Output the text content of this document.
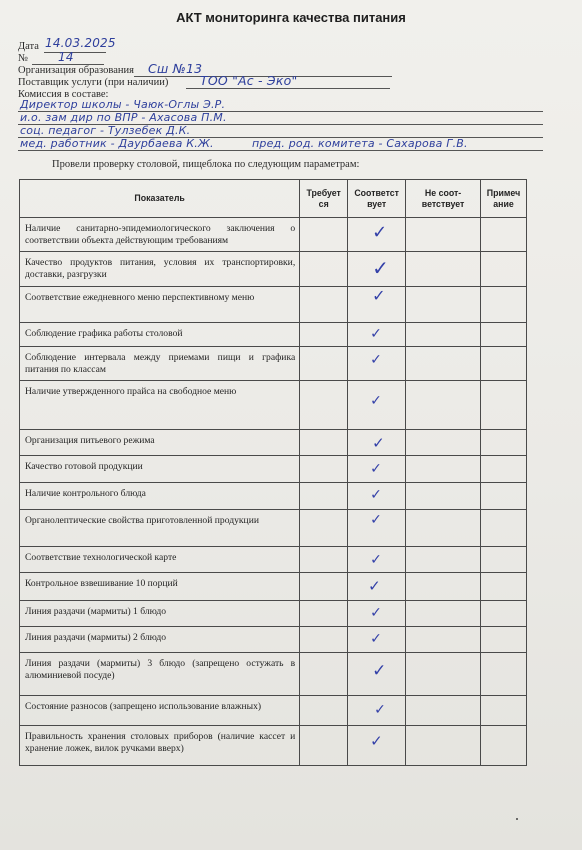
АКТ мониторинга качества питания
Дата 14.03.2025
№ 14
Организация образования Сш №13
Поставщик услуги (при наличии)	ТОО "Ас - Эко"
Комиссия в составе:
Директор школы - Чаюк-Оглы Э.Р.
и.о. зам дир по ВПР - Ахасова П.М.
соц. педагог - Тулзебек Д.К.
мед. работник - Даурбаева К.Ж.	пред. род. комитета - Сахарова Г.В.
Провели проверку столовой, пищеблока по следующим параметрам:
Показатель	Требует ся	Соответст вует	Не соот- ветствует	Примеч ание
Наличие санитарно-эпидемиологического заключения о соответствии объекта действующим требованиям		✓		

Качество продуктов питания, условия их транспортировки, доставки, разгрузки		✓		

Соответствие ежедневного меню перспективному меню		✓		

Соблюдение графика работы столовой		✓		

Соблюдение интервала между приемами пищи и графика питания по классам		✓		

Наличие утвержденного прайса на свободное меню		✓		

Организация питьевого режима		✓		

Качество готовой продукции		✓		

Наличие контрольного блюда		✓		

Органолептические свойства приготовленной продукции		✓		

Соответствие технологической карте		✓		

Контрольное взвешивание 10 порций		✓		

Линия раздачи (мармиты) 1 блюдо		✓		

Линия раздачи (мармиты) 2 блюдо		✓		

Линия раздачи (мармиты) 3 блюдо (запрещено остужать в алюминиевой посуде)		✓		

Состояние разносов (запрещено использование влажных)		✓		

Правильность хранения столовых приборов (наличие кассет и хранение ложек, вилок ручками вверх)		✓		
